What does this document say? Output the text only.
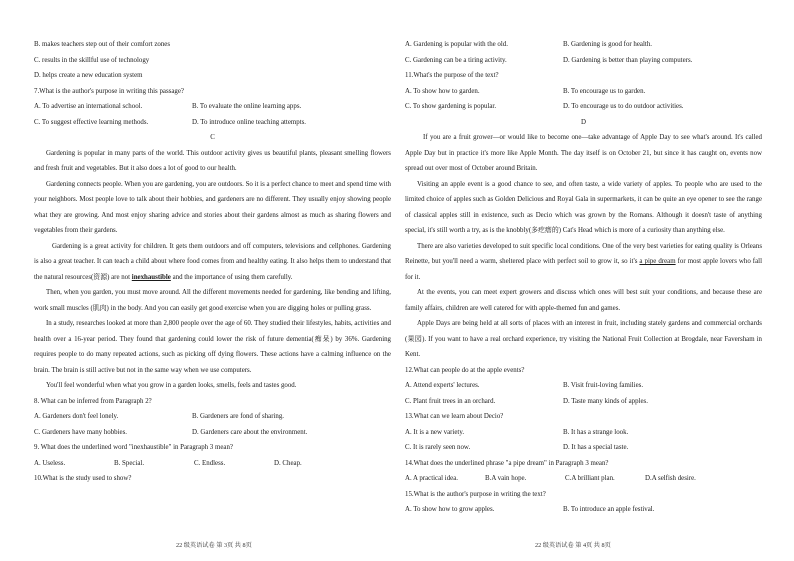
B. makes teachers step out of their comfort zones
C. results in the skillful use of technology
D. helps create a new education system
7.What is the author's purpose in writing this passage?
A. To advertise an international school.	B. To evaluate the online learning apps.
C. To suggest effective learning methods.	D. To introduce online teaching attempts.
C

Gardening is popular in many parts of the world. This outdoor activity gives us beautiful plants, pleasant smelling flowers and fresh fruit and vegetables. But it also does a lot of good to our health.

Gardening connects people. When you are gardening, you are outdoors. So it is a perfect chance to meet and spend time with your neighbors. Most people love to talk about their hobbies, and gardeners are no different. They usually enjoy showing people what they are growing. And most enjoy sharing advice and stories about their gardens almost as much as sharing flowers and vegetables from their gardens.

Gardening is a great activity for children. It gets them outdoors and off computers, televisions and cellphones. Gardening is also a great teacher. It can teach a child about where food comes from and healthy eating. It also helps them to understand that the natural resources(资源) are not inexhaustible and the importance of using them carefully.

Then, when you garden, you must move around. All the different movements needed for gardening, like bending and lifting, work small muscles (肌肉) in the body. And you can easily get good exercise when you are digging holes or pulling grass.

In a study, researches looked at more than 2,800 people over the age of 60. They studied their lifestyles, habits, activities and health over a 16-year period. They found that gardening could lower the risk of future dementia(痴呆) by 36%. Gardening requires people to do many repeated actions, such as picking off dying flowers. These actions have a calming influence on the brain. The brain is still active but not in the same way when we use computers.

You'll feel wonderful when what you grow in a garden looks, smells, feels and tastes good.

8. What can be inferred from Paragraph 2?
A. Gardeners don't feel lonely.	B. Gardeners are fond of sharing.
C. Gardeners have many hobbies.	D. Gardeners care about the environment.
9. What does the underlined word "inexhaustible" in Paragraph 3 mean?
A. Useless.	B. Special.	C. Endless.	D. Cheap.
10.What is the study used to show?
A. Gardening is popular with the old.	B. Gardening is good for health.
C. Gardening can be a tiring activity.	D. Gardening is better than playing computers.
11.What's the purpose of the text?
A. To show how to garden.	B. To encourage us to garden.
C. To show gardening is popular.	D. To encourage us to do outdoor activities.
D

If you are a fruit grower—or would like to become one—take advantage of Apple Day to see what's around. It's called Apple Day but in practice it's more like Apple Month. The day itself is on October 21, but since it has caught on, events now spread out over most of October around Britain.

Visiting an apple event is a good chance to see, and often taste, a wide variety of apples. To people who are used to the limited choice of apples such as Golden Delicious and Royal Gala in supermarkets, it can be quite an eye opener to see the range of classical apples still in existence, such as Decio which was grown by the Romans. Although it doesn't taste of anything special, it's still worth a try, as is the knobbly(多疙瘩的) Cat's Head which is more of a curiosity than anything else.

There are also varieties developed to suit specific local conditions. One of the very best varieties for eating quality is Orleans Reinette, but you'll need a warm, sheltered place with perfect soil to grow it, so it's a pipe dream for most apple lovers who fall for it.

At the events, you can meet expert growers and discuss which ones will best suit your conditions, and because these are family affairs, children are well catered for with apple-themed fun and games.

Apple Days are being held at all sorts of places with an interest in fruit, including stately gardens and commercial orchards (果园). If you want to have a real orchard experience, try visiting the National Fruit Collection at Brogdale, near Faversham in Kent.

12.What can people do at the apple events?
A. Attend experts' lectures.	B. Visit fruit-loving families.
C. Plant fruit trees in an orchard.	D. Taste many kinds of apples.
13.What can we learn about Decio?
A. It is a new variety.	B. It has a strange look.
C. It is rarely seen now.	D. It has a special taste.
14.What does the underlined phrase "a pipe dream" in Paragraph 3 mean?
A. A practical idea.	B.A vain hope.	C.A brilliant plan.	D.A selfish desire.
15.What is the author's purpose in writing the text?
A. To show how to grow apples.	B. To introduce an apple festival.
22 级英语试卷 第 3页 共 8页	22 级英语试卷 第 4页 共 8页
